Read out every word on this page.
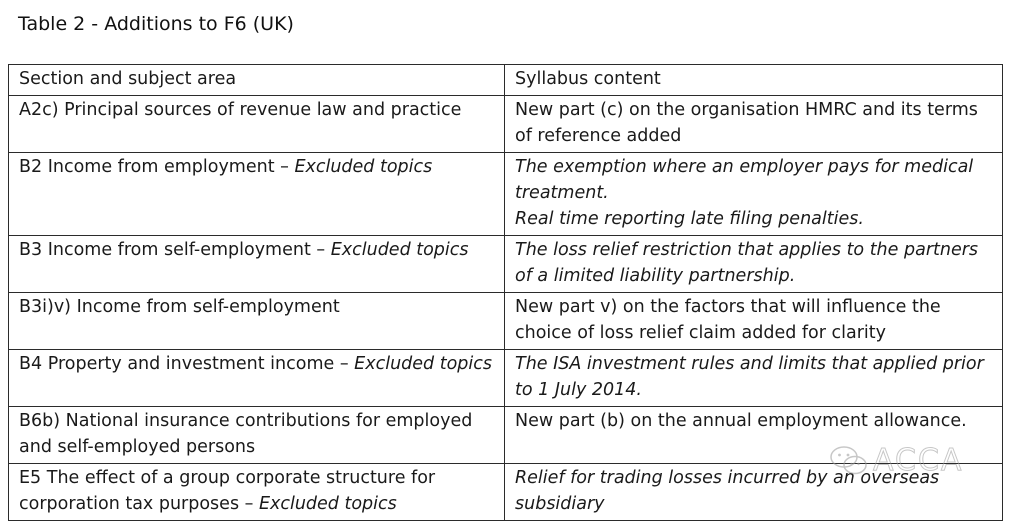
Table 2 - Additions to F6 (UK)
Section and subject area	Syllabus content
A2c) Principal sources of revenue law and practice	New part (c) on the organisation HMRC and its terms of reference added
B2 Income from employment – Excluded topics	The exemption where an employer pays for medical treatment.
Real time reporting late filing penalties.
B3 Income from self-employment – Excluded topics	The loss relief restriction that applies to the partners of a limited liability partnership.
B3i)v) Income from self-employment	New part v) on the factors that will influence the choice of loss relief claim added for clarity
B4 Property and investment income – Excluded topics	The ISA investment rules and limits that applied prior to 1 July 2014.
B6b) National insurance contributions for employed and self-employed persons	New part (b) on the annual employment allowance.
E5 The effect of a group corporate structure for corporation tax purposes – Excluded topics	Relief for trading losses incurred by an overseas subsidiary
ACCA
